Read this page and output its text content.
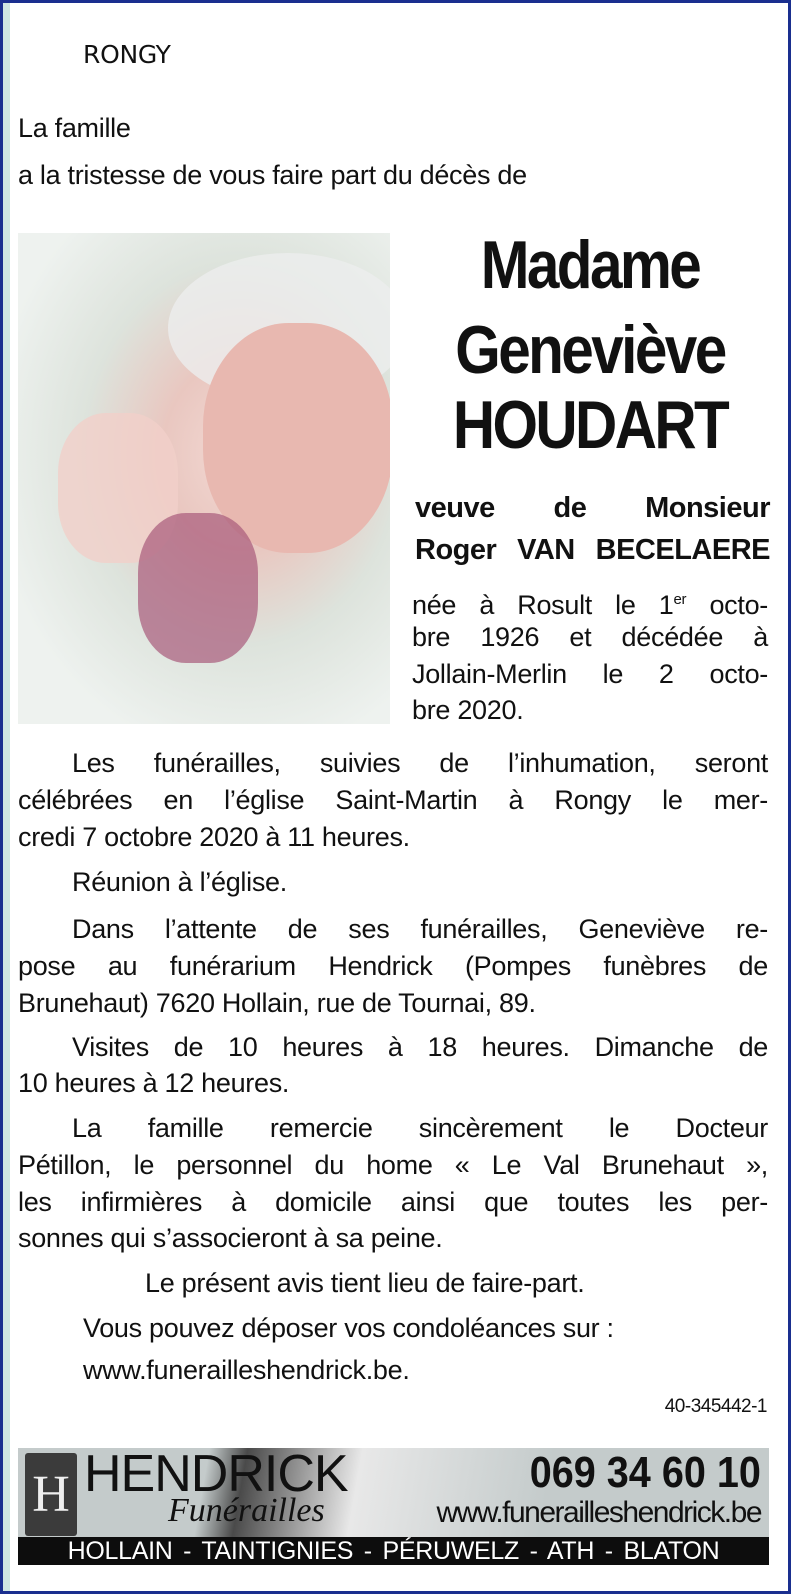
RONGY
La famille
a la tristesse de vous faire part du décès de
Madame
Geneviève
HOUDART
veuve de Monsieur
Roger VAN BECELAERE
née à Rosult le 1er octo-
bre 1926 et décédée à
Jollain-Merlin le 2 octo-
bre 2020.
Les funérailles, suivies de l’inhumation, seront
célébrées en l’église Saint-Martin à Rongy le mer-
credi 7 octobre 2020 à 11 heures.
Réunion à l’église.
Dans l’attente de ses funérailles, Geneviève re-
pose au funérarium Hendrick (Pompes funèbres de
Brunehaut) 7620 Hollain, rue de Tournai, 89.
Visites de 10 heures à 18 heures. Dimanche de
10 heures à 12 heures.
La famille remercie sincèrement le Docteur
Pétillon, le personnel du home « Le Val Brunehaut »,
les infirmières à domicile ainsi que toutes les per-
sonnes qui s’associeront à sa peine.
Le présent avis tient lieu de faire-part.
Vous pouvez déposer vos condoléances sur :
www.funerailleshendrick.be.
40-345442-1
H HENDRICK
Funérailles
069 34 60 10
www.funerailleshendrick.be
HOLLAIN - TAINTIGNIES - PÉRUWELZ - ATH - BLATON
